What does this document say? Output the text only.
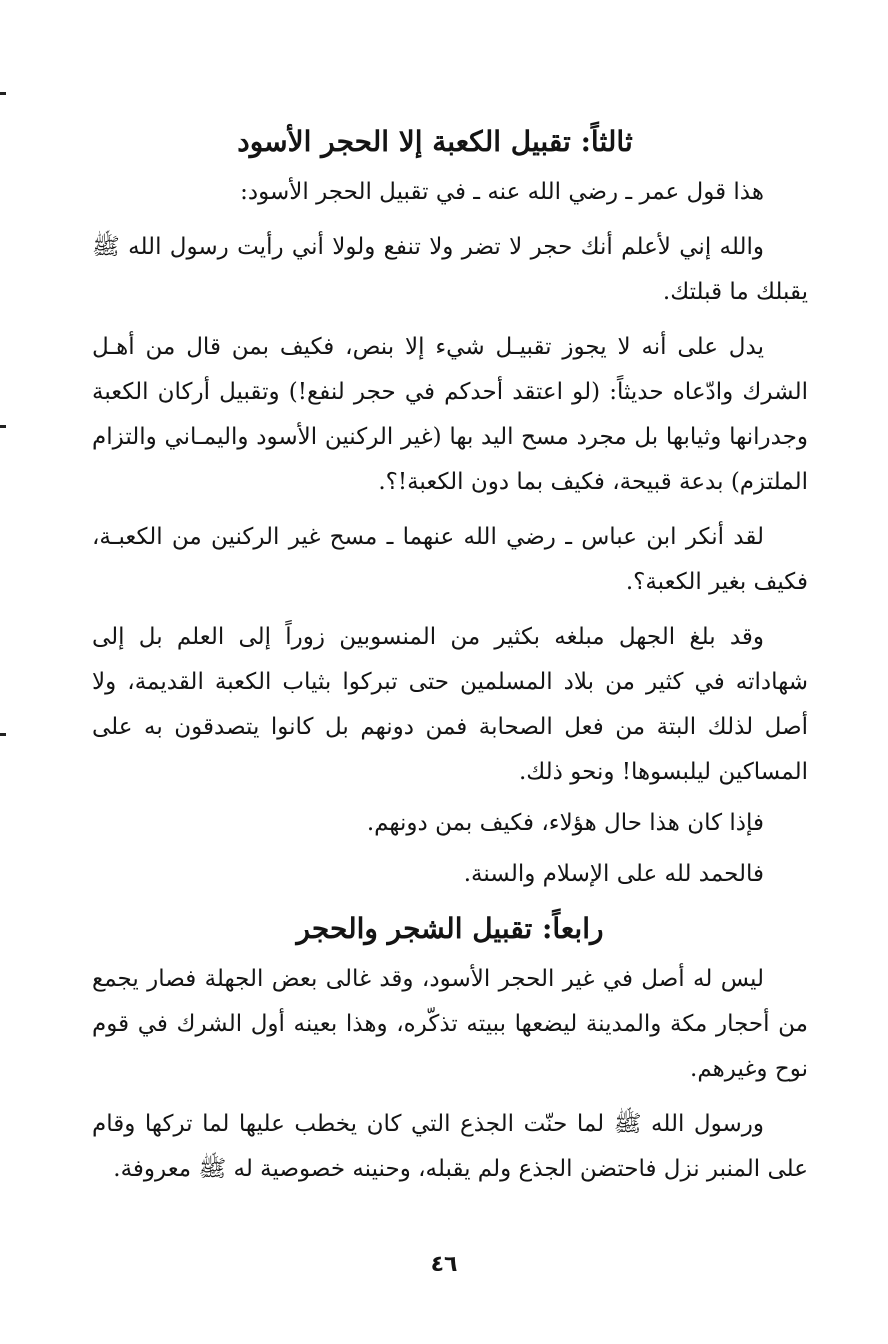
ثالثاً: تقبيل الكعبة إلا الحجر الأسود

هذا قول عمر ـ رضي الله عنه ـ في تقبيل الحجر الأسود:

والله إني لأعلم أنك حجر لا تضر ولا تنفع ولولا أني رأيت رسول الله ﷺ يقبلك ما قبلتك.

يدل على أنه لا يجوز تقبيـل شيء إلا بنص، فكيف بمن قال من أهـل الشرك وادّعاه حديثاً: (لو اعتقد أحدكم في حجر لنفع!) وتقبيل أركان الكعبة وجدرانها وثيابها بل مجرد مسح اليد بها (غير الركنين الأسود واليمـاني والتزام الملتزم) بدعة قبيحة، فكيف بما دون الكعبة!؟.

لقد أنكر ابن عباس ـ رضي الله عنهما ـ مسح غير الركنين من الكعبـة، فكيف بغير الكعبة؟.

وقد بلغ الجهل مبلغه بكثير من المنسوبين زوراً إلى العلم بل إلى شهاداته في كثير من بلاد المسلمين حتى تبركوا بثياب الكعبة القديمة، ولا أصل لذلك البتة من فعل الصحابة فمن دونهم بل كانوا يتصدقون به على المساكين ليلبسوها! ونحو ذلك.

فإذا كان هذا حال هؤلاء، فكيف بمن دونهم.

فالحمد لله على الإسلام والسنة.

رابعاً: تقبيل الشجر والحجر

ليس له أصل في غير الحجر الأسود، وقد غالى بعض الجهلة فصار يجمع من أحجار مكة والمدينة ليضعها ببيته تذكّره، وهذا بعينه أول الشرك في قوم نوح وغيرهم.

ورسول الله ﷺ لما حنّت الجذع التي كان يخطب عليها لما تركها وقام على المنبر نزل فاحتضن الجذع ولم يقبله، وحنينه خصوصية له ﷺ معروفة.

٤٦
